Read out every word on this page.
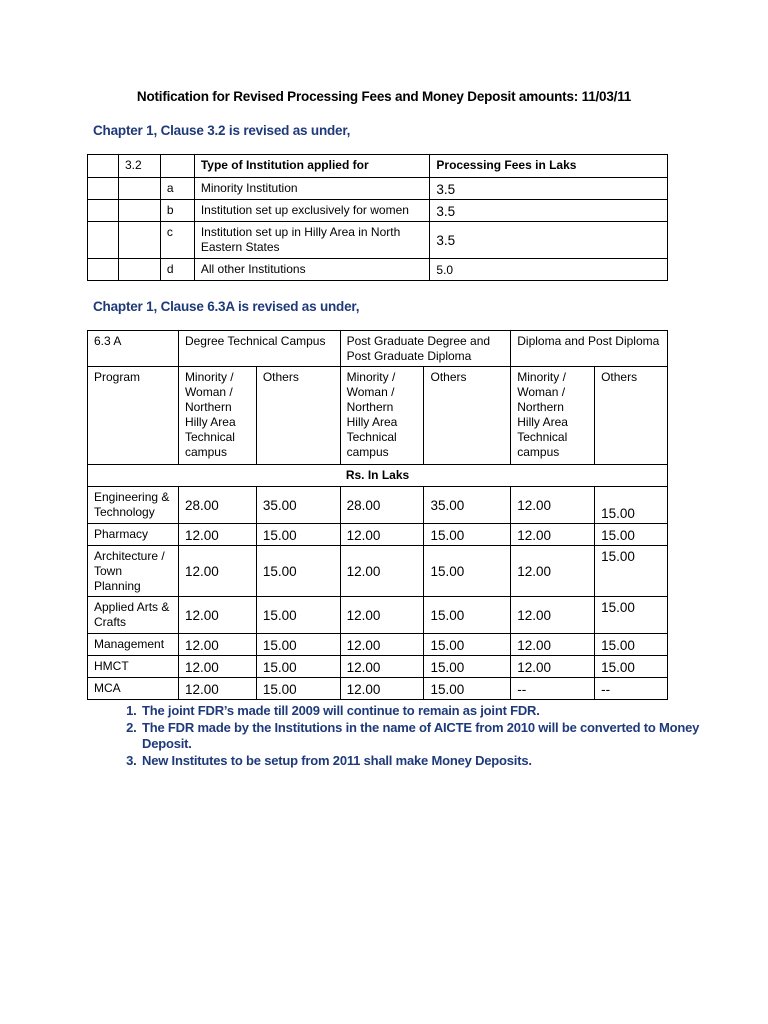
Notification for Revised Processing Fees and Money Deposit amounts: 11/03/11
Chapter 1, Clause 3.2 is revised as under,
	3.2		Type of Institution applied for	Processing Fees in Laks
		a	Minority Institution	3.5
		b	Institution set up exclusively for women	3.5
		c	Institution set up in Hilly Area in North Eastern States	3.5
		d	All other Institutions	5.0
Chapter 1, Clause 6.3A is revised as under,
6.3 A	Degree Technical Campus		Post Graduate Degree and Post Graduate Diploma		Diploma and Post Diploma	
Program	Minority / Woman / Northern Hilly Area Technical campus	Others	Minority / Woman / Northern Hilly Area Technical campus	Others	Minority / Woman / Northern Hilly Area Technical campus	Others
Rs. In Laks						
Engineering & Technology	28.00	35.00	28.00	35.00	12.00	15.00
Pharmacy	12.00	15.00	12.00	15.00	12.00	15.00
Architecture / Town Planning	12.00	15.00	12.00	15.00	12.00	15.00
Applied Arts & Crafts	12.00	15.00	12.00	15.00	12.00	15.00
Management	12.00	15.00	12.00	15.00	12.00	15.00
HMCT	12.00	15.00	12.00	15.00	12.00	15.00
MCA	12.00	15.00	12.00	15.00	--	--
1. The joint FDR’s made till 2009 will continue to remain as joint FDR.
2. The FDR made by the Institutions in the name of AICTE from 2010 will be converted to Money Deposit.
3. New Institutes to be setup from 2011 shall make Money Deposits.
